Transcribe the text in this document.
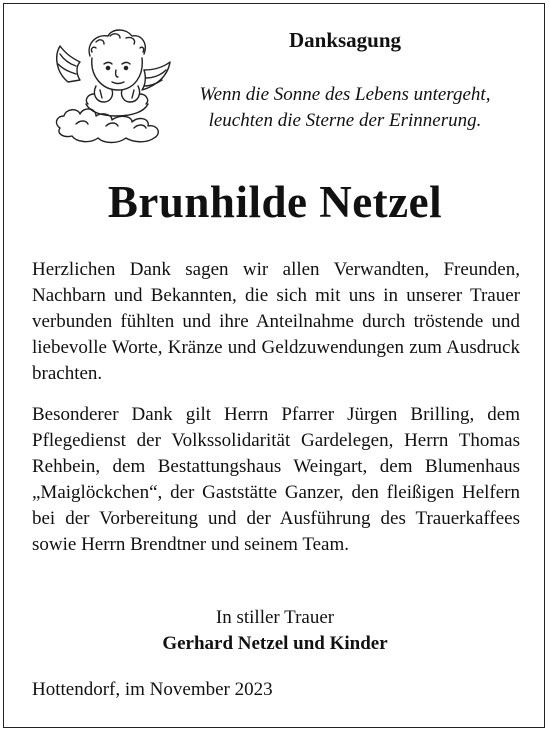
Danksagung
Wenn die Sonne des Lebens untergeht,
leuchten die Sterne der Erinnerung.
Brunhilde Netzel
Herzlichen Dank sagen wir allen Verwandten, Freunden, Nachbarn und Bekannten, die sich mit uns in unserer Trauer verbunden fühlten und ihre Anteilnahme durch tröstende und liebevolle Worte, Kränze und Geldzuwendungen zum Ausdruck brachten.
Besonderer Dank gilt Herrn Pfarrer Jürgen Brilling, dem Pflegedienst der Volkssolidarität Gardelegen, Herrn Thomas Rehbein, dem Bestattungshaus Weingart, dem Blumenhaus „Maiglöckchen“, der Gaststätte Ganzer, den fleißigen Helfern bei der Vorbereitung und der Ausführung des Trauerkaffees sowie Herrn Brendtner und seinem Team.
In stiller Trauer
Gerhard Netzel und Kinder
Hottendorf, im November 2023
